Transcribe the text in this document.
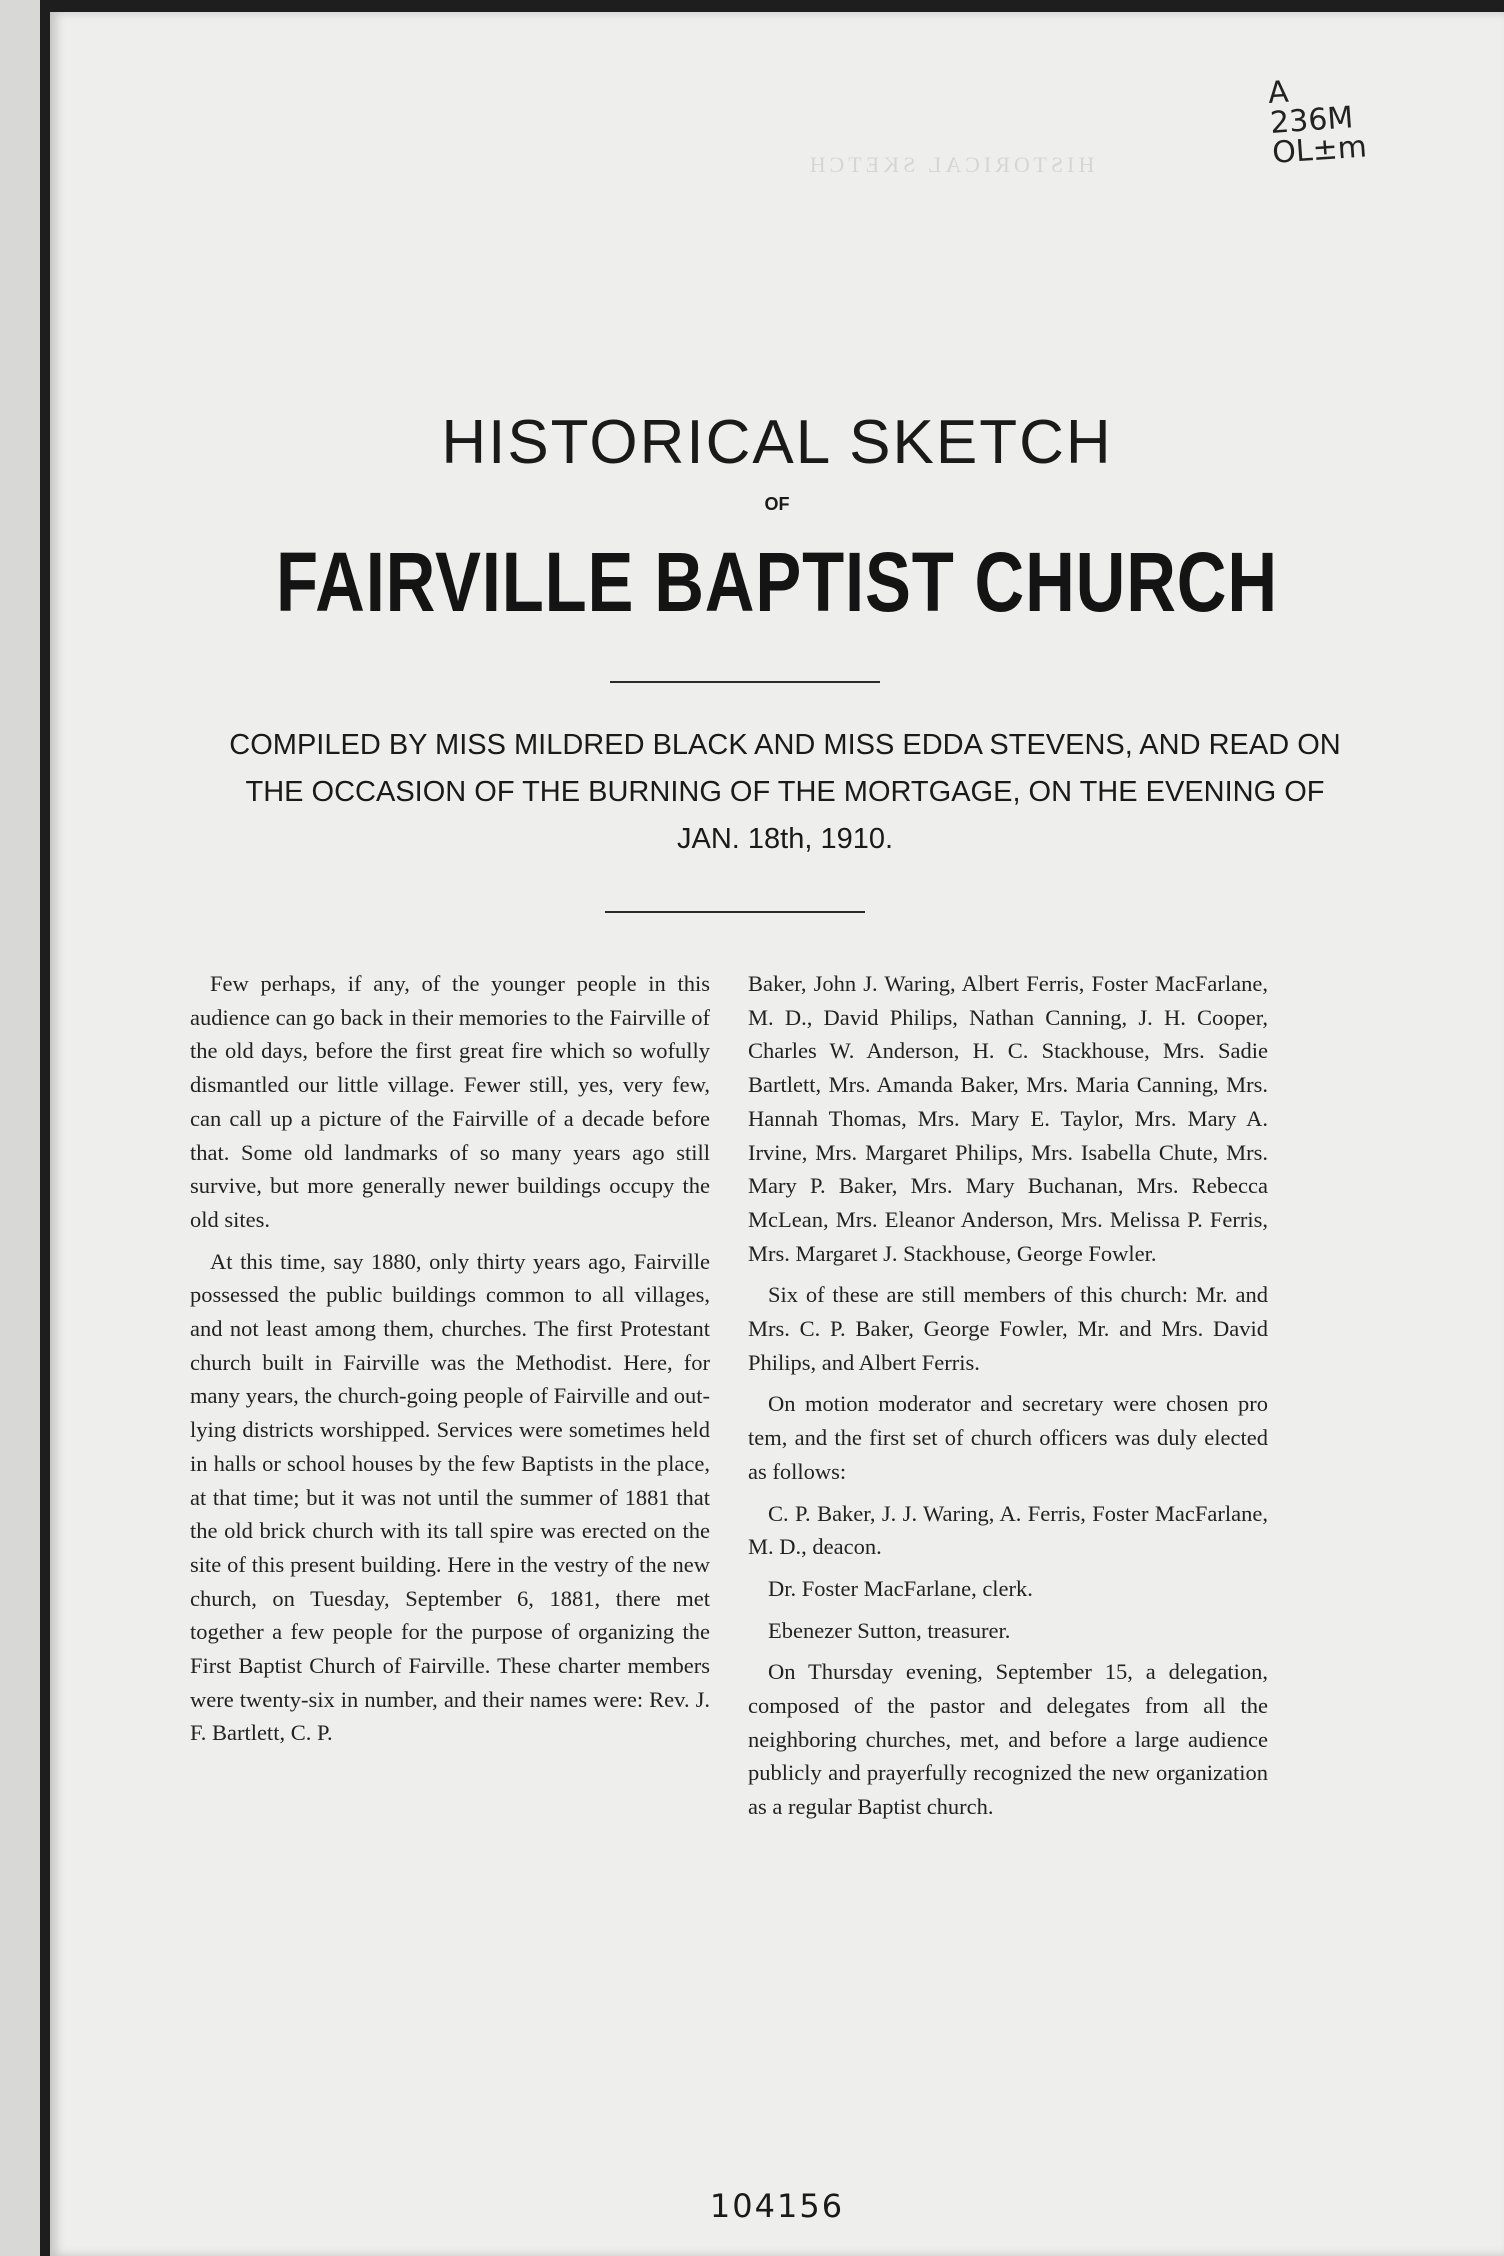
A
236M
OL±m
HISTORICAL SKETCH
HISTORICAL SKETCH
OF
FAIRVILLE BAPTIST CHURCH
COMPILED BY MISS MILDRED BLACK AND MISS EDDA STEVENS, AND READ ON THE OCCASION OF THE BURNING OF THE MORTGAGE, ON THE EVENING OF JAN. 18th, 1910.

Few perhaps, if any, of the younger people in this audience can go back in their memories to the Fairville of the old days, before the first great fire which so wofully dismantled our little village. Fewer still, yes, very few, can call up a picture of the Fairville of a decade before that. Some old landmarks of so many years ago still survive, but more generally newer buildings occupy the old sites.

At this time, say 1880, only thirty years ago, Fairville possessed the public buildings common to all villages, and not least among them, churches. The first Protestant church built in Fairville was the Methodist. Here, for many years, the church-going people of Fairville and out-lying districts worshipped. Services were sometimes held in halls or school houses by the few Baptists in the place, at that time; but it was not until the summer of 1881 that the old brick church with its tall spire was erected on the site of this present building. Here in the vestry of the new church, on Tuesday, September 6, 1881, there met together a few people for the purpose of organizing the First Baptist Church of Fairville. These charter members were twenty-six in number, and their names were: Rev. J. F. Bartlett, C. P.

Baker, John J. Waring, Albert Ferris, Foster MacFarlane, M. D., David Philips, Nathan Canning, J. H. Cooper, Charles W. Anderson, H. C. Stackhouse, Mrs. Sadie Bartlett, Mrs. Amanda Baker, Mrs. Maria Canning, Mrs. Hannah Thomas, Mrs. Mary E. Taylor, Mrs. Mary A. Irvine, Mrs. Margaret Philips, Mrs. Isabella Chute, Mrs. Mary P. Baker, Mrs. Mary Buchanan, Mrs. Rebecca McLean, Mrs. Eleanor Anderson, Mrs. Melissa P. Ferris, Mrs. Margaret J. Stackhouse, George Fowler.

Six of these are still members of this church: Mr. and Mrs. C. P. Baker, George Fowler, Mr. and Mrs. David Philips, and Albert Ferris.

On motion moderator and secretary were chosen pro tem, and the first set of church officers was duly elected as follows:

C. P. Baker, J. J. Waring, A. Ferris, Foster MacFarlane, M. D., deacon.

Dr. Foster MacFarlane, clerk.

Ebenezer Sutton, treasurer.

On Thursday evening, September 15, a delegation, composed of the pastor and delegates from all the neighboring churches, met, and before a large audience publicly and prayerfully recognized the new organization as a regular Baptist church.

104156
